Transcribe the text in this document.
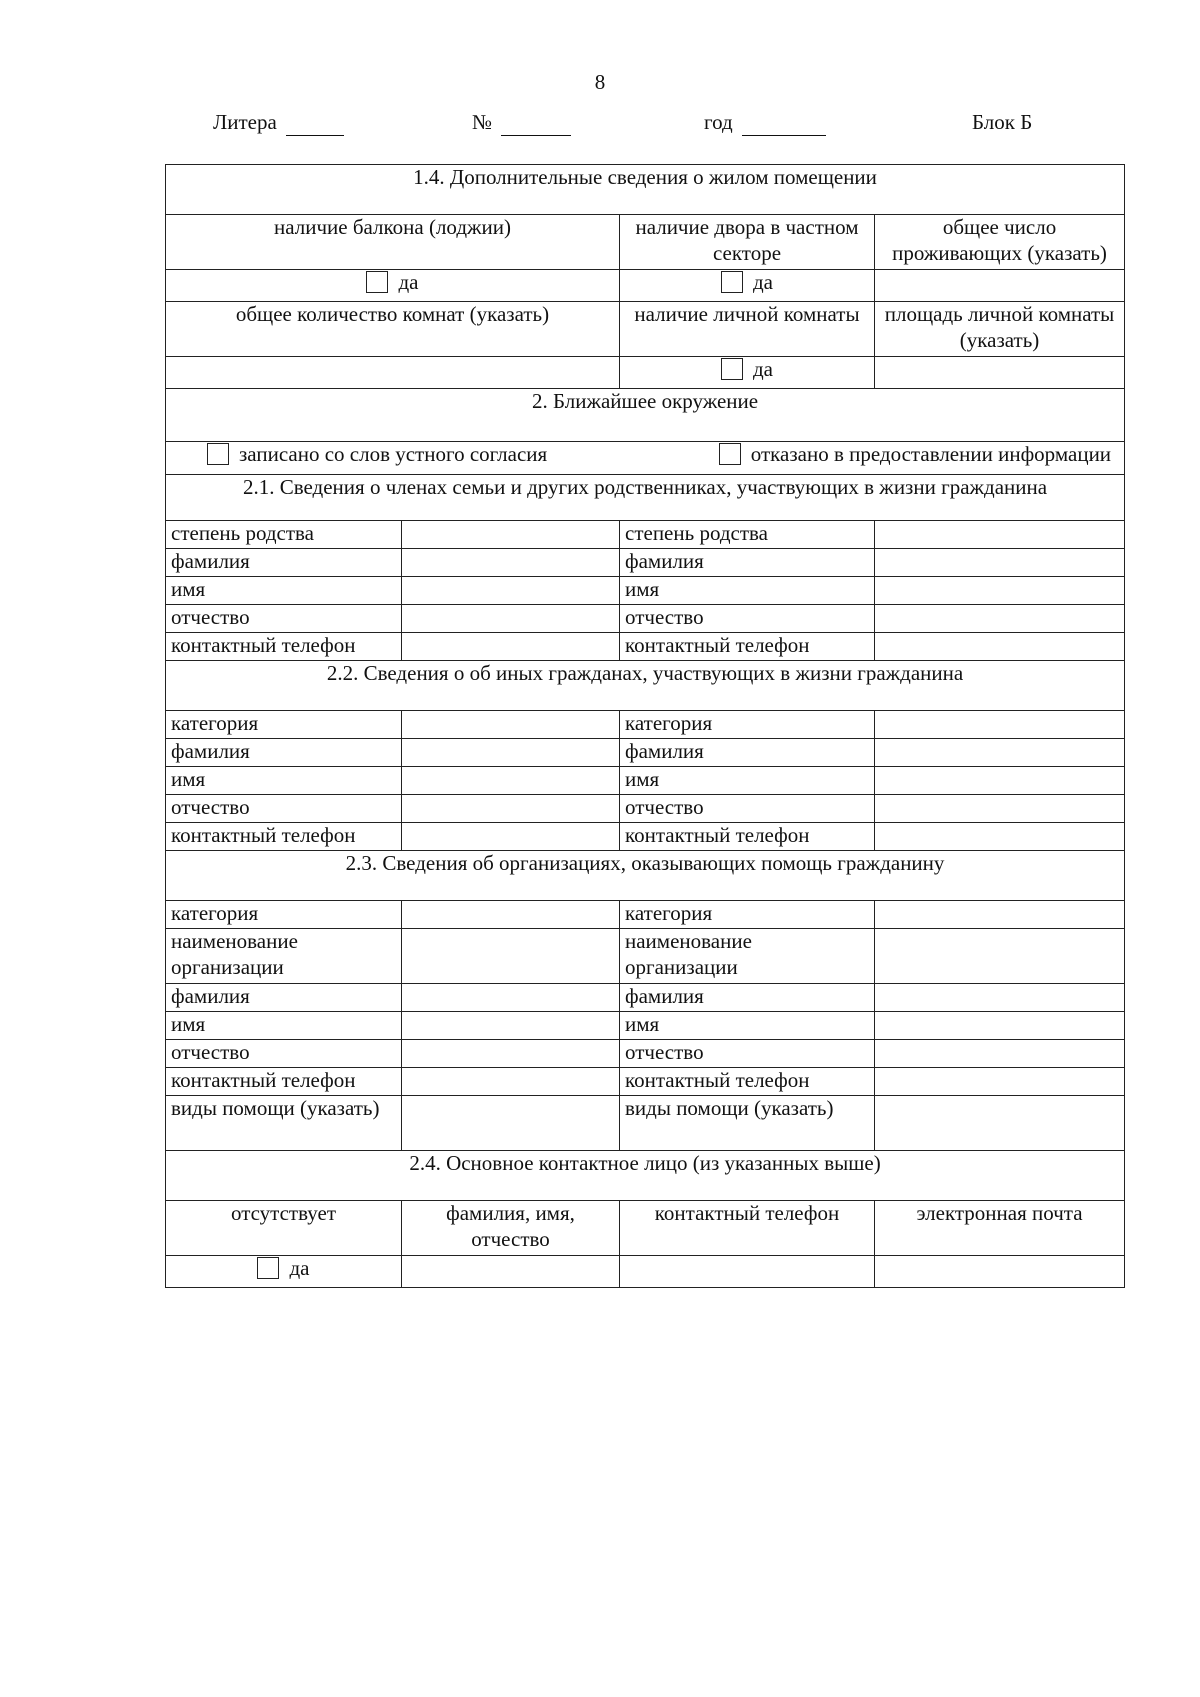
8
Литера	№	год	Блок Б
1.4. Дополнительные сведения о жилом помещении			
наличие балкона (лоджии)		наличие двора в частном секторе	общее число проживающих (указать)
да		да	
общее количество комнат (указать)		наличие личной комнаты	площадь личной комнаты (указать)
		да	
2. Ближайшее окружение			

записано со слов устного согласия отказано в предоставлении информации			

2.1. Сведения о членах семьи и других родственниках, участвующих в жизни гражданина			
степень родства		степень родства	
фамилия		фамилия	
имя		имя	
отчество		отчество	
контактный телефон		контактный телефон	
2.2. Сведения о об иных гражданах, участвующих в жизни гражданина			
категория		категория	
фамилия		фамилия	
имя		имя	
отчество		отчество	
контактный телефон		контактный телефон	
2.3. Сведения об организациях, оказывающих помощь гражданину			
категория		категория	
наименование организации		наименование организации	
фамилия		фамилия	
имя		имя	
отчество		отчество	
контактный телефон		контактный телефон	
виды помощи (указать)		виды помощи (указать)	
2.4. Основное контактное лицо (из указанных выше)			
отсутствует	фамилия, имя, отчество	контактный телефон	электронная почта
да			
